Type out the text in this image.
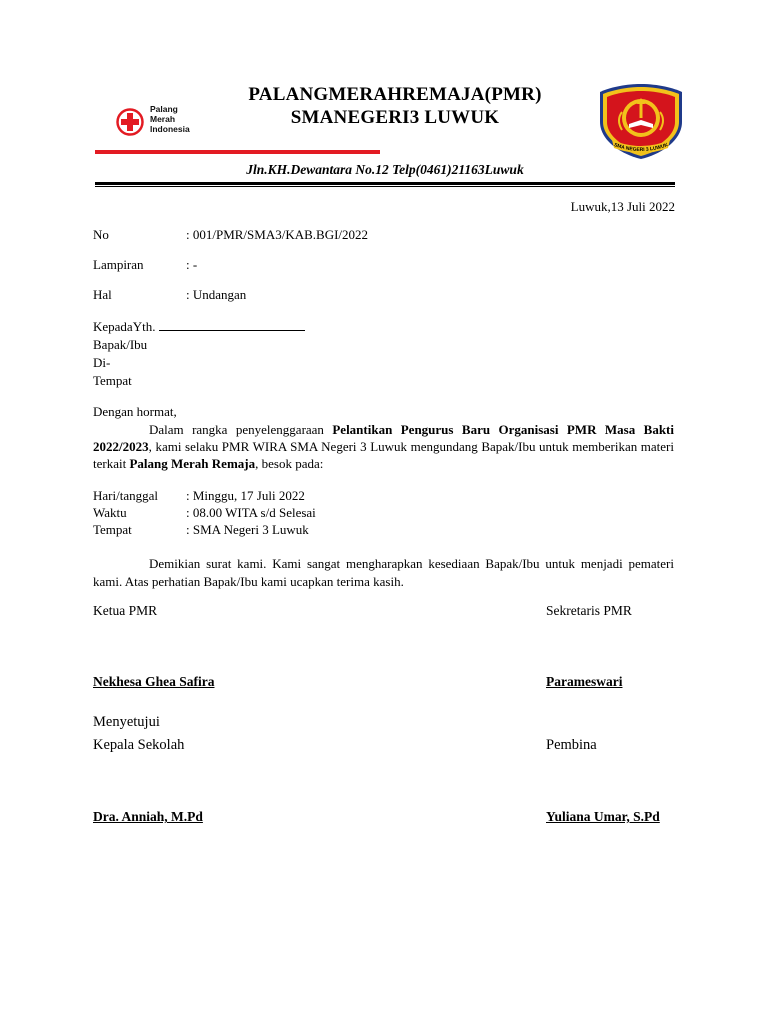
Palang
Merah
Indonesia
PALANGMERAHREMAJA(PMR)
SMANEGERI3 LUWUK
SMA NEGERI 3 LUWUK
Jln.KH.Dewantara No.12 Telp(0461)21163Luwuk
Luwuk,13 Juli 2022
No	: 001/PMR/SMA3/KAB.BGI/2022
Lampiran	: -
Hal	: Undangan
KepadaYth.
Bapak/Ibu
Di-
Tempat
Dengan hormat,
Dalam rangka penyelenggaraan Pelantikan Pengurus Baru Organisasi PMR Masa Bakti 2022/2023, kami selaku PMR WIRA SMA Negeri 3 Luwuk mengundang Bapak/Ibu untuk memberikan materi terkait Palang Merah Remaja, besok pada:
Hari/tanggal : Minggu, 17 Juli 2022
Waktu	: 08.00 WITA s/d Selesai
Tempat	: SMA Negeri 3 Luwuk
Demikian surat kami. Kami sangat mengharapkan kesediaan Bapak/Ibu untuk menjadi pemateri kami. Atas perhatian Bapak/Ibu kami ucapkan terima kasih.
Ketua PMR	Sekretaris PMR
Nekhesa Ghea Safira	Parameswari
Menyetujui
Kepala Sekolah	Pembina
Dra. Anniah, M.Pd	Yuliana Umar, S.Pd
